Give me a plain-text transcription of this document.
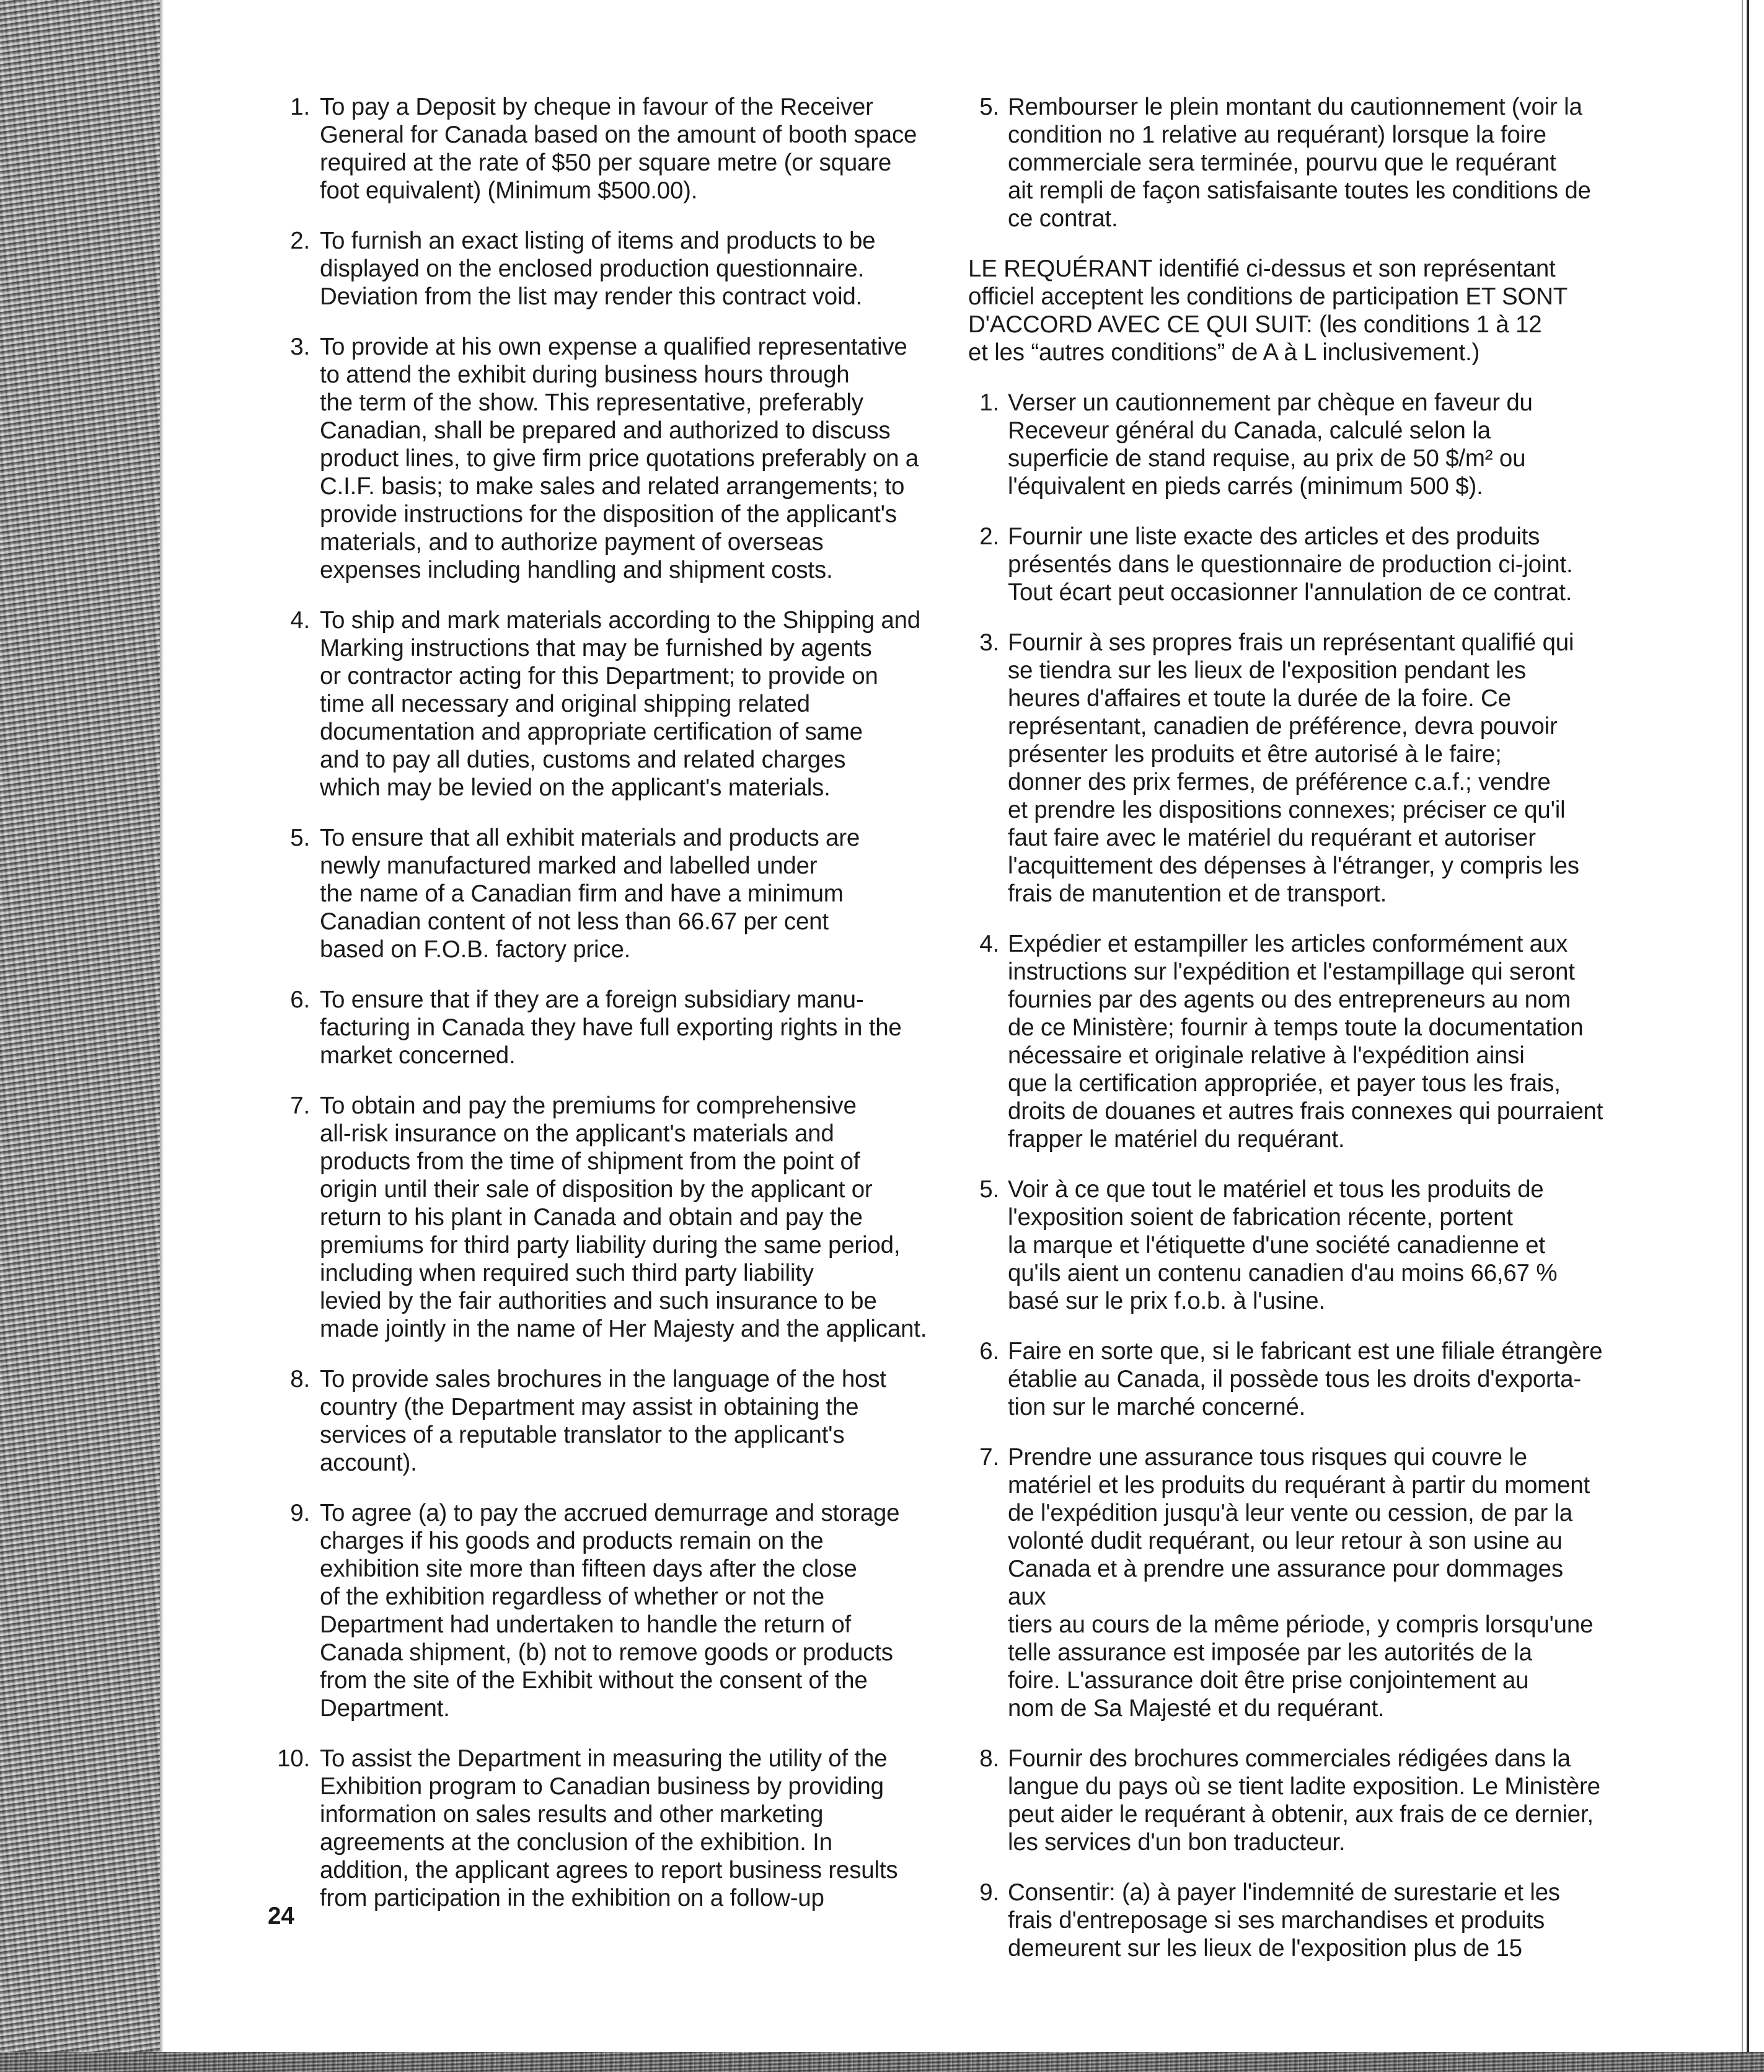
1. To pay a Deposit by cheque in favour of the Receiver
General for Canada based on the amount of booth space
required at the rate of $50 per square metre (or square
foot equivalent) (Minimum $500.00).
2. To furnish an exact listing of items and products to be
displayed on the enclosed production questionnaire.
Deviation from the list may render this contract void.
3. To provide at his own expense a qualified representative
to attend the exhibit during business hours through
the term of the show. This representative, preferably
Canadian, shall be prepared and authorized to discuss
product lines, to give firm price quotations preferably on a
C.I.F. basis; to make sales and related arrangements; to
provide instructions for the disposition of the applicant's
materials, and to authorize payment of overseas
expenses including handling and shipment costs.
4. To ship and mark materials according to the Shipping and
Marking instructions that may be furnished by agents
or contractor acting for this Department; to provide on
time all necessary and original shipping related
documentation and appropriate certification of same
and to pay all duties, customs and related charges
which may be levied on the applicant's materials.
5. To ensure that all exhibit materials and products are
newly manufactured marked and labelled under
the name of a Canadian firm and have a minimum
Canadian content of not less than 66.67 per cent
based on F.O.B. factory price.
6. To ensure that if they are a foreign subsidiary manu-
facturing in Canada they have full exporting rights in the
market concerned.
7. To obtain and pay the premiums for comprehensive
all-risk insurance on the applicant's materials and
products from the time of shipment from the point of
origin until their sale of disposition by the applicant or
return to his plant in Canada and obtain and pay the
premiums for third party liability during the same period,
including when required such third party liability
levied by the fair authorities and such insurance to be
made jointly in the name of Her Majesty and the applicant.
8. To provide sales brochures in the language of the host
country (the Department may assist in obtaining the
services of a reputable translator to the applicant's
account).
9. To agree (a) to pay the accrued demurrage and storage
charges if his goods and products remain on the
exhibition site more than fifteen days after the close
of the exhibition regardless of whether or not the
Department had undertaken to handle the return of
Canada shipment, (b) not to remove goods or products
from the site of the Exhibit without the consent of the
Department.
10. To assist the Department in measuring the utility of the
Exhibition program to Canadian business by providing
information on sales results and other marketing
agreements at the conclusion of the exhibition. In
addition, the applicant agrees to report business results
from participation in the exhibition on a follow-up
5. Rembourser le plein montant du cautionnement (voir la
condition no 1 relative au requérant) lorsque la foire
commerciale sera terminée, pourvu que le requérant
ait rempli de façon satisfaisante toutes les conditions de
ce contrat.
LE REQUÉRANT identifié ci-dessus et son représentant
officiel acceptent les conditions de participation ET SONT
D'ACCORD AVEC CE QUI SUIT: (les conditions 1 à 12
et les “autres conditions” de A à L inclusivement.)
1. Verser un cautionnement par chèque en faveur du
Receveur général du Canada, calculé selon la
superficie de stand requise, au prix de 50 $/m² ou
l'équivalent en pieds carrés (minimum 500 $).
2. Fournir une liste exacte des articles et des produits
présentés dans le questionnaire de production ci-joint.
Tout écart peut occasionner l'annulation de ce contrat.
3. Fournir à ses propres frais un représentant qualifié qui
se tiendra sur les lieux de l'exposition pendant les
heures d'affaires et toute la durée de la foire. Ce
représentant, canadien de préférence, devra pouvoir
présenter les produits et être autorisé à le faire;
donner des prix fermes, de préférence c.a.f.; vendre
et prendre les dispositions connexes; préciser ce qu'il
faut faire avec le matériel du requérant et autoriser
l'acquittement des dépenses à l'étranger, y compris les
frais de manutention et de transport.
4. Expédier et estampiller les articles conformément aux
instructions sur l'expédition et l'estampillage qui seront
fournies par des agents ou des entrepreneurs au nom
de ce Ministère; fournir à temps toute la documentation
nécessaire et originale relative à l'expédition ainsi
que la certification appropriée, et payer tous les frais,
droits de douanes et autres frais connexes qui pourraient
frapper le matériel du requérant.
5. Voir à ce que tout le matériel et tous les produits de
l'exposition soient de fabrication récente, portent
la marque et l'étiquette d'une société canadienne et
qu'ils aient un contenu canadien d'au moins 66,67 %
basé sur le prix f.o.b. à l'usine.
6. Faire en sorte que, si le fabricant est une filiale étrangère
établie au Canada, il possède tous les droits d'exporta-
tion sur le marché concerné.
7. Prendre une assurance tous risques qui couvre le
matériel et les produits du requérant à partir du moment
de l'expédition jusqu'à leur vente ou cession, de par la
volonté dudit requérant, ou leur retour à son usine au
Canada et à prendre une assurance pour dommages aux
tiers au cours de la même période, y compris lorsqu'une
telle assurance est imposée par les autorités de la
foire. L'assurance doit être prise conjointement au
nom de Sa Majesté et du requérant.
8. Fournir des brochures commerciales rédigées dans la
langue du pays où se tient ladite exposition. Le Ministère
peut aider le requérant à obtenir, aux frais de ce dernier,
les services d'un bon traducteur.
9. Consentir: (a) à payer l'indemnité de surestarie et les
frais d'entreposage si ses marchandises et produits
demeurent sur les lieux de l'exposition plus de 15
24
